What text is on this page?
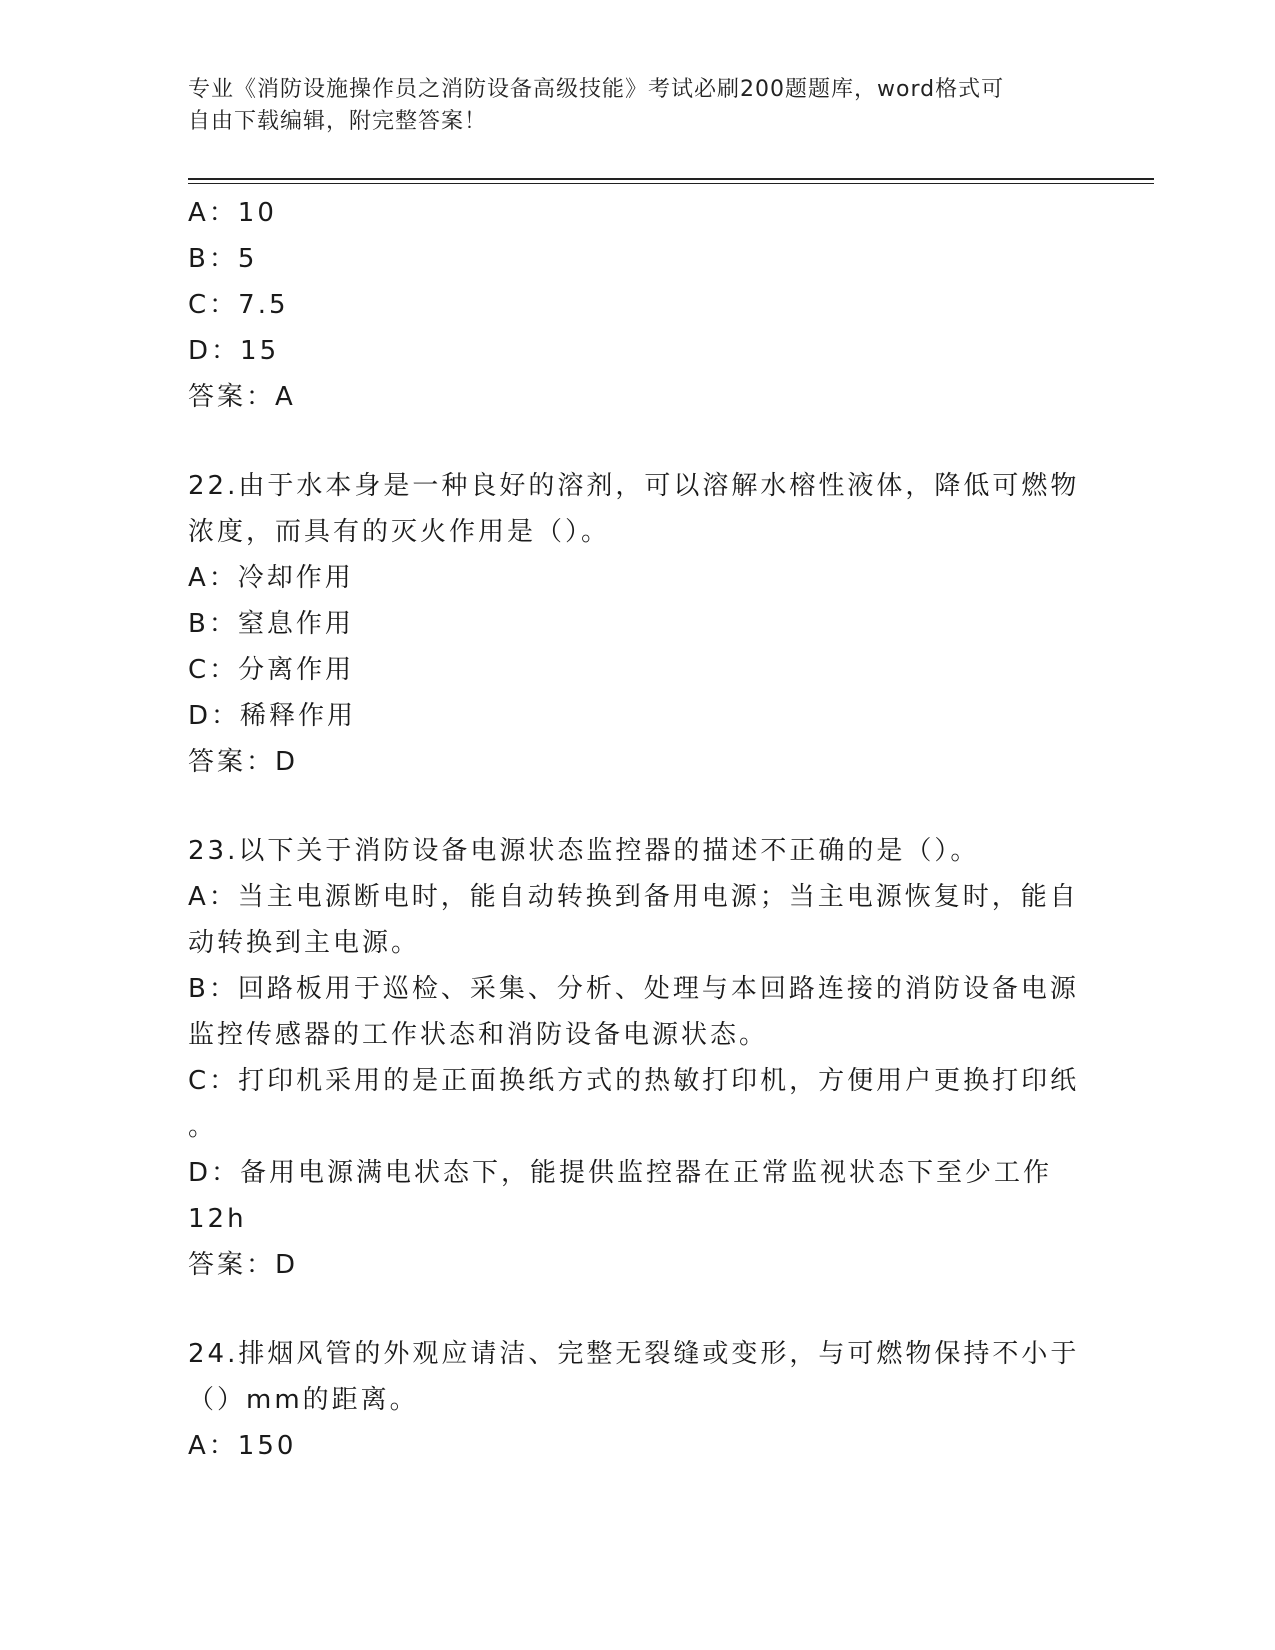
专业《消防设施操作员之消防设备高级技能》考试必刷200题题库，word格式可
自由下载编辑，附完整答案！
A：10
B：5
C：7.5
D：15
答案：A
22.由于水本身是一种良好的溶剂，可以溶解水榕性液体，降低可燃物
浓度，而具有的灭火作用是（）。
A：冷却作用
B：窒息作用
C：分离作用
D：稀释作用
答案：D
23.以下关于消防设备电源状态监控器的描述不正确的是（）。
A：当主电源断电时，能自动转换到备用电源；当主电源恢复时，能自
动转换到主电源。
B：回路板用于巡检、采集、分析、处理与本回路连接的消防设备电源
监控传感器的工作状态和消防设备电源状态。
C：打印机采用的是正面换纸方式的热敏打印机，方便用户更换打印纸
。
D：备用电源满电状态下，能提供监控器在正常监视状态下至少工作
12h
答案：D
24.排烟风管的外观应请洁、完整无裂缝或变形，与可燃物保持不小于
（）mm的距离。
A：150
